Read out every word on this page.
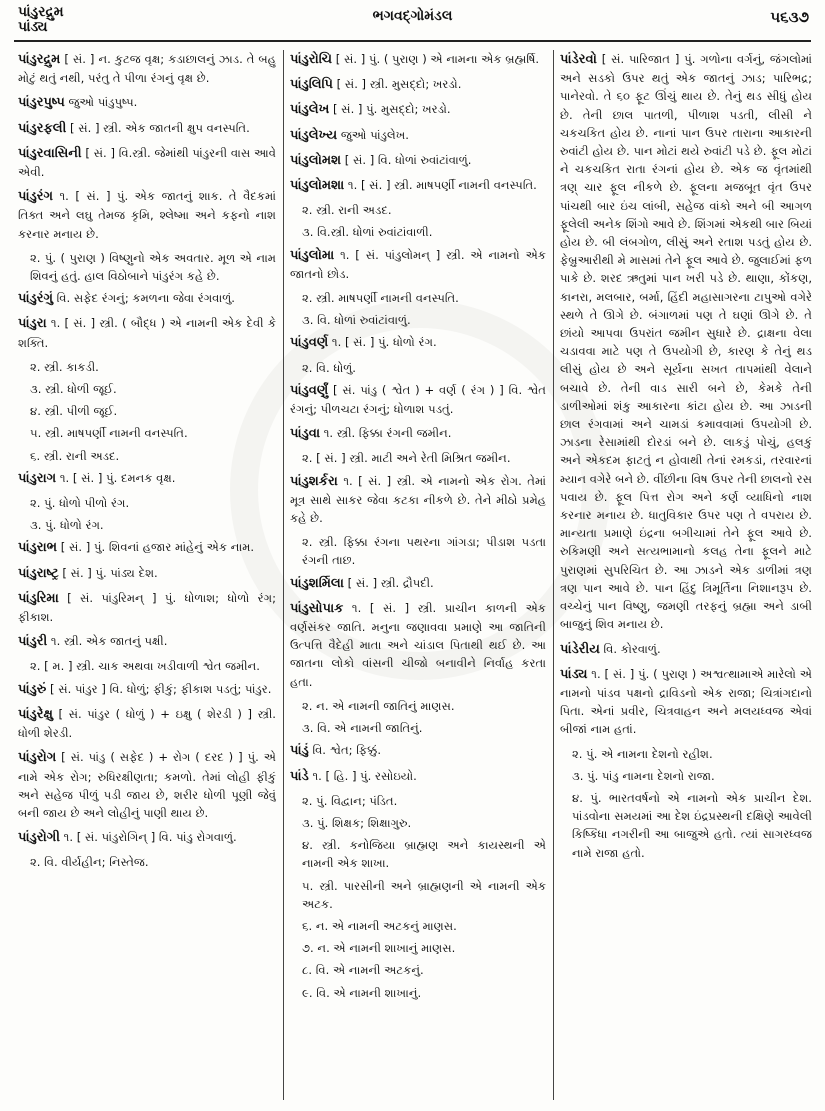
પાંડુરદ્રુમ
પાંડ્ય
ભગવદ્ગોમંડલ	૫૬૩૭
પાંડુરદ્રુમ [ સં. ] ન. કુટજ વૃક્ષ; કડાછાલનું ઝાડ. તે બહુ મોટું થતું નથી, પરંતુ તે પીળા રંગનું વૃક્ષ છે.
પાંડુરપુષ્પ જુઓ પાંડુપુષ્પ.
પાંડુરફલી [ સં. ] સ્ત્રી. એક જાતની ક્ષુપ વનસ્પતિ.
પાંડુરવાસિની [ સં. ] વિ.સ્ત્રી. જેમાંથી પાંડુરની વાસ આવે એવી.
પાંડુરંગ ૧. [ સં. ] પું. એક જાતનું શાક. તે વૈદકમાં તિક્ત અને લઘુ તેમજ કૃમિ, શ્લેષ્મા અને કફનો નાશ કરનાર મનાય છે.
૨. પું. ( પુરાણ ) વિષ્ણુનો એક અવતાર. મૂળ એ નામ શિવનું હતું. હાલ વિઠોબાને પાંડુરંગ કહે છે.
પાંડુરંગું વિ. સફેદ રંગનું; કમળના જેવા રંગવાળું.
પાંડુરા ૧. [ સં. ] સ્ત્રી. ( બૌદ્ધ ) એ નામની એક દેવી કે શક્તિ.
૨. સ્ત્રી. કાકડી.
૩. સ્ત્રી. ધોળી જૂઈ.
૪. સ્ત્રી. પીળી જૂઈ.
૫. સ્ત્રી. માષપર્ણી નામની વનસ્પતિ.
૬. સ્ત્રી. રાની અડદ.
પાંડુરાગ ૧. [ સં. ] પું. દમનક વૃક્ષ.
૨. પું. ધોળો પીળો રંગ.
૩. પું. ધોળો રંગ.
પાંડુરાભ [ સં. ] પું. શિવનાં હજાર માંહેનું એક નામ.
પાંડુરાષ્ટ્ર [ સં. ] પું. પાંડ્ય દેશ.
પાંડુરિમા [ સં. પાંડુરિમન્ ] પું. ધોળાશ; ધોળો રંગ; ફીકાશ.
પાંડુરી ૧. સ્ત્રી. એક જાતનું પક્ષી.
૨. [ મ. ] સ્ત્રી. ચાક અથવા ખડીવાળી શ્વેત જમીન.
પાંડુરું [ સં. પાંડુર ] વિ. ધોળું; ફીકું; ફીકાશ પડતું; પાંડુર.
પાંડુરેક્ષુ [ સં. પાંડુર ( ધોળું ) + ઇક્ષુ ( શેરડી ) ] સ્ત્રી. ધોળી શેરડી.
પાંડુરોગ [ સં. પાંડુ ( સફેદ ) + રોગ ( દરદ ) ] પું. એ નામે એક રોગ; રુધિરક્ષીણતા; કમળો. તેમાં લોહી ફીકું અને સહેજ પીળું પડી જાય છે, શરીર ધોળી પૂણી જેવું બની જાય છે અને લોહીનું પાણી થાય છે.
પાંડુરોગી ૧. [ સં. પાંડુરોગિન્ ] વિ. પાંડુ રોગવાળું.
૨. વિ. વીર્યહીન; નિસ્તેજ.
પાંડુરોચિ [ સં. ] પું. ( પુરાણ ) એ નામના એક બ્રહ્મર્ષિ.
પાંડુલિપિ [ સં. ] સ્ત્રી. મુસદ્દો; ખરડો.
પાંડુલેખ [ સં. ] પું. મુસદ્દો; ખરડો.
પાંડુલેખ્ય જુઓ પાંડુલેખ.
પાંડુલોમશ [ સં. ] વિ. ધોળાં રુવાંટાંવાળું.
પાંડુલોમશા ૧. [ સં. ] સ્ત્રી. માષપર્ણી નામની વનસ્પતિ.
૨. સ્ત્રી. રાની અડદ.
૩. વિ.સ્ત્રી. ધોળાં રુવાંટાંવાળી.
પાંડુલોમા ૧. [ સં. પાંડુલોમન્ ] સ્ત્રી. એ નામનો એક જાતનો છોડ.
૨. સ્ત્રી. માષપર્ણી નામની વનસ્પતિ.
૩. વિ. ધોળાં રુવાંટાંવાળું.
પાંડુવર્ણ ૧. [ સં. ] પું. ધોળો રંગ.
૨. વિ. ધોળું.
પાંડુવર્ણું [ સં. પાંડુ ( શ્વેત ) + વર્ણ ( રંગ ) ] વિ. શ્વેત રંગનું; પીળચટા રંગનું; ધોળાશ પડતું.
પાંડુવા ૧. સ્ત્રી. ફિક્કા રંગની જમીન.
૨. [ સં. ] સ્ત્રી. માટી અને રેતી મિશ્રિત જમીન.
પાંડુશર્કરા ૧. [ સં. ] સ્ત્રી. એ નામનો એક રોગ. તેમાં મૂત્ર સાથે સાકર જેવા કટકા નીકળે છે. તેને મીઠો પ્રમેહ કહે છે.
૨. સ્ત્રી. ફિક્કા રંગના પથરના ગાંગડા; પીડાશ પડતા રંગની તાછ.
પાંડુશર્મિલા [ સં. ] સ્ત્રી. દ્રૌપદી.
પાંડુસોપાક ૧. [ સં. ] સ્ત્રી. પ્રાચીન કાળની એક વર્ણસંકર જાતિ. મનુના જણાવવા પ્રમાણે આ જાતિની ઉત્પત્તિ વૈદેહી માતા અને ચાંડાલ પિતાથી થઈ છે. આ જાતના લોકો વાંસની ચીજો બનાવીને નિર્વાહ કરતા હતા.
૨. ન. એ નામની જાતિનું માણસ.
૩. વિ. એ નામની જાતિનું.
પાંડું વિ. શ્વેત; ફિક્કું.
પાંડે ૧. [ હિ. ] પું. રસોઇયો.
૨. પું. વિદ્વાન; પંડિત.
૩. પું. શિક્ષક; શિક્ષાગુરુ.
૪. સ્ત્રી. કનોજિયા બ્રાહ્મણ અને કાયસ્થની એ નામની એક શાખા.
૫. સ્ત્રી. પારસીની અને બ્રાહ્મણની એ નામની એક અટક.
૬. ન. એ નામની અટકનું માણસ.
૭. ન. એ નામની શાખાનું માણસ.
૮. વિ. એ નામની અટકનું.
૯. વિ. એ નામની શાખાનું.
પાંડેરવો [ સં. પારિજાત ] પું. ગળોના વર્ગનું, જંગલોમાં અને સડકો ઉપર થતું એક જાતનું ઝાડ; પારિભદ્ર; પાનેરવો. તે ૬૦ ફૂટ ઊંચું થાય છે. તેનું થડ સીધું હોય છે. તેની છાલ પાતળી, પીળાશ પડતી, લીસી ને ચકચકિત હોય છે. નાનાં પાન ઉપર તારાના આકારની રુવાંટી હોય છે. પાન મોટાં થયે રુવાંટી પડે છે. ફૂલ મોટાં ને ચકચકિત રાતા રંગનાં હોય છે. એક જ વૃંતમાંથી ત્રણ્ ચાર ફૂલ નીકળે છે. ફૂલના મજબૂત વૃંત ઉપર પાંચથી બાર ઇંચ લાંબી, સહેજ વાંકો અને બી આગળ ફૂલેલી અનેક શિંગો આવે છે. શિંગમાં એકથી બાર બિયાં હોય છે. બી લંબગોળ, લીસું અને રતાશ પડતું હોય છે. ફેબ્રુઆરીથી મે માસમાં તેને ફૂલ આવે છે. જુલાઈમાં ફળ પાકે છે. શરદ ઋતુમાં પાન ખરી પડે છે. થાણા, કોંકણ, કાનરા, મલબાર, બર્મા, હિંદી મહાસાગરના ટાપુઓ વગેરે સ્થળે તે ઊગે છે. બંગાળમાં પણ તે ઘણાં ઊગે છે. તે છાંયો આપવા ઉપરાંત જમીન સુધારે છે. દ્રાક્ષના વેલા ચડાવવા માટે પણ તે ઉપયોગી છે, કારણ કે તેનું થડ લીસું હોય છે અને સૂર્યના સખત તાપમાંથી વેલાને બચાવે છે. તેની વાડ સારી બને છે, કેમકે તેની ડાળીઓમાં શંકુ આકારના કાંટા હોય છે. આ ઝાડની છાલ રંગવામાં અને ચામડાં કમાવવામાં ઉપયોગી છે. ઝાડના રેસામાંથી દોરડાં બને છે. લાકડું પોચું, હલકું અને એકદમ ફાટતું ન હોવાથી તેનાં રમકડાં, તરવારનાં મ્યાન વગેરે બને છે. વીંછીના વિષ ઉપર તેની છાલનો રસ પવાય છે. ફૂલ પિત્ત રોગ અને કર્ણ વ્યાધિનો નાશ કરનાર મનાય છે. ધાતુવિકાર ઉપર પણ તે વપરાય છે. માન્યતા પ્રમાણે ઇંદ્રના બગીચામાં તેને ફૂલ આવે છે. રુકિમણી અને સત્યભામાનો કલહ તેના ફૂલને માટે પુરાણમાં સુપરિચિત છે. આ ઝાડને એક ડાળીમાં ત્રણ ત્રણ પાન આવે છે. પાન હિંદુ ત્રિમૂર્તિના નિશાનરૂપ છે. વચ્ચેનું પાન વિષ્ણુ, જમણી તરફનું બ્રહ્મા અને ડાબી બાજુનું શિવ મનાય છે.
પાંડેરીય વિ. કોરવાળું.
પાંડ્ય ૧. [ સં. ] પું. ( પુરાણ ) અશ્વત્થામાએ મારેલો એ નામનો પાંડવ પક્ષનો દ્રાવિડનો એક રાજા; ચિત્રાંગદાનો પિતા. એનાં પ્રવીર, ચિત્રવાહન અને મલયધ્વજ એવાં બીજાં નામ હતાં.
૨. પું. એ નામના દેશનો રહીશ.
૩. પું. પાંડુ નામના દેશનો રાજા.
૪. પું. ભારતવર્ષનો એ નામનો એક પ્રાચીન દેશ. પાંડવોના સમયમાં આ દેશ ઇંદ્રપ્રસ્થની દક્ષિણે આવેલી કિષ્કિંધા નગરીની આ બાજુએ હતો. ત્યાં સાગરધ્વજ નામે રાજા હતો.
